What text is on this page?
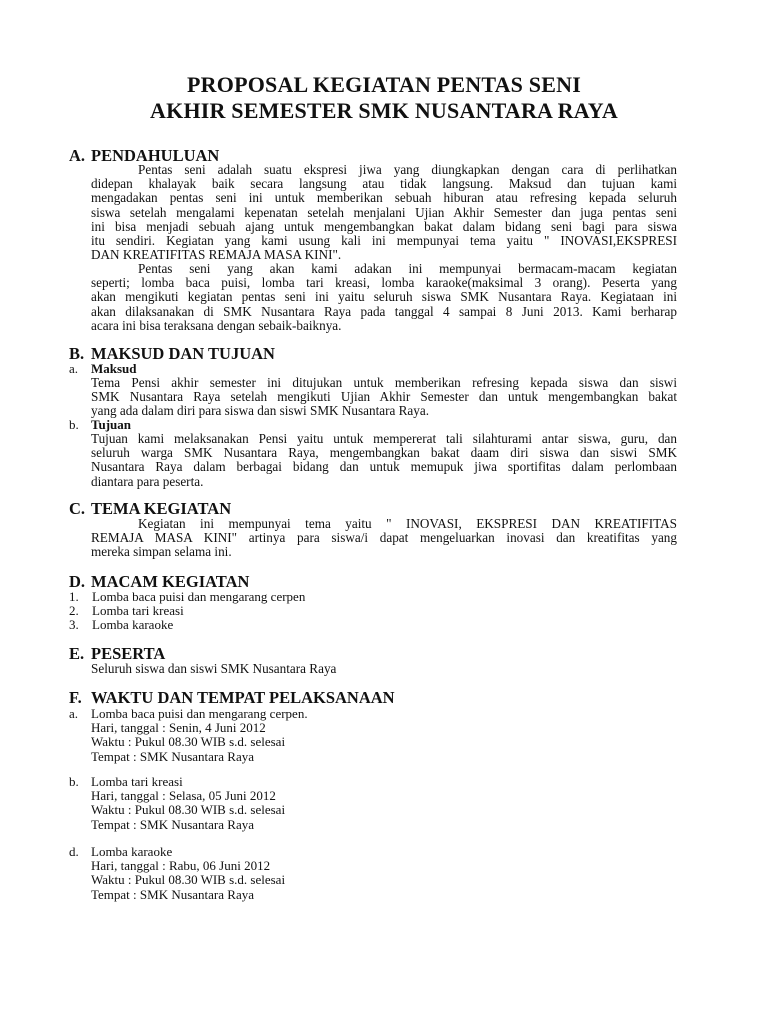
PROPOSAL KEGIATAN PENTAS SENI
AKHIR SEMESTER SMK NUSANTARA RAYA
A. PENDAHULUAN
Pentas seni adalah suatu ekspresi jiwa yang diungkapkan dengan cara di perlihatkan
didepan khalayak baik secara langsung atau tidak langsung. Maksud dan tujuan kami
mengadakan pentas seni ini untuk memberikan sebuah hiburan atau refresing kepada seluruh
siswa setelah mengalami kepenatan setelah menjalani Ujian Akhir Semester dan juga pentas seni
ini bisa menjadi sebuah ajang untuk mengembangkan bakat dalam bidang seni bagi para siswa
itu sendiri. Kegiatan yang kami usung kali ini mempunyai tema yaitu " INOVASI,EKSPRESI
DAN KREATIFITAS REMAJA MASA KINI".
Pentas seni yang akan kami adakan ini mempunyai bermacam-macam kegiatan
seperti; lomba baca puisi, lomba tari kreasi, lomba karaoke(maksimal 3 orang). Peserta yang
akan mengikuti kegiatan pentas seni ini yaitu seluruh siswa SMK Nusantara Raya. Kegiataan ini
akan dilaksanakan di SMK Nusantara Raya pada tanggal 4 sampai 8 Juni 2013. Kami berharap
acara ini bisa teraksana dengan sebaik-baiknya.
B. MAKSUD DAN TUJUAN
a. Maksud
Tema Pensi akhir semester ini ditujukan untuk memberikan refresing kepada siswa dan siswi
SMK Nusantara Raya setelah mengikuti Ujian Akhir Semester dan untuk mengembangkan bakat
yang ada dalam diri para siswa dan siswi SMK Nusantara Raya.
b. Tujuan
Tujuan kami melaksanakan Pensi yaitu untuk mempererat tali silahturami antar siswa, guru, dan
seluruh warga SMK Nusantara Raya, mengembangkan bakat daam diri siswa dan siswi SMK
Nusantara Raya dalam berbagai bidang dan untuk memupuk jiwa sportifitas dalam perlombaan
diantara para peserta.
C. TEMA KEGIATAN
Kegiatan ini mempunyai tema yaitu " INOVASI, EKSPRESI DAN KREATIFITAS
REMAJA MASA KINI" artinya para siswa/i dapat mengeluarkan inovasi dan kreatifitas yang
mereka simpan selama ini.
D. MACAM KEGIATAN
1. Lomba baca puisi dan mengarang cerpen
2. Lomba tari kreasi
3. Lomba karaoke
E. PESERTA
Seluruh siswa dan siswi SMK Nusantara Raya
F. WAKTU DAN TEMPAT PELAKSANAAN
a. Lomba baca puisi dan mengarang cerpen.
Hari, tanggal : Senin, 4 Juni 2012
Waktu : Pukul 08.30 WIB s.d. selesai
Tempat : SMK Nusantara Raya
b. Lomba tari kreasi
Hari, tanggal : Selasa, 05 Juni 2012
Waktu : Pukul 08.30 WIB s.d. selesai
Tempat : SMK Nusantara Raya
d. Lomba karaoke
Hari, tanggal : Rabu, 06 Juni 2012
Waktu : Pukul 08.30 WIB s.d. selesai
Tempat : SMK Nusantara Raya
